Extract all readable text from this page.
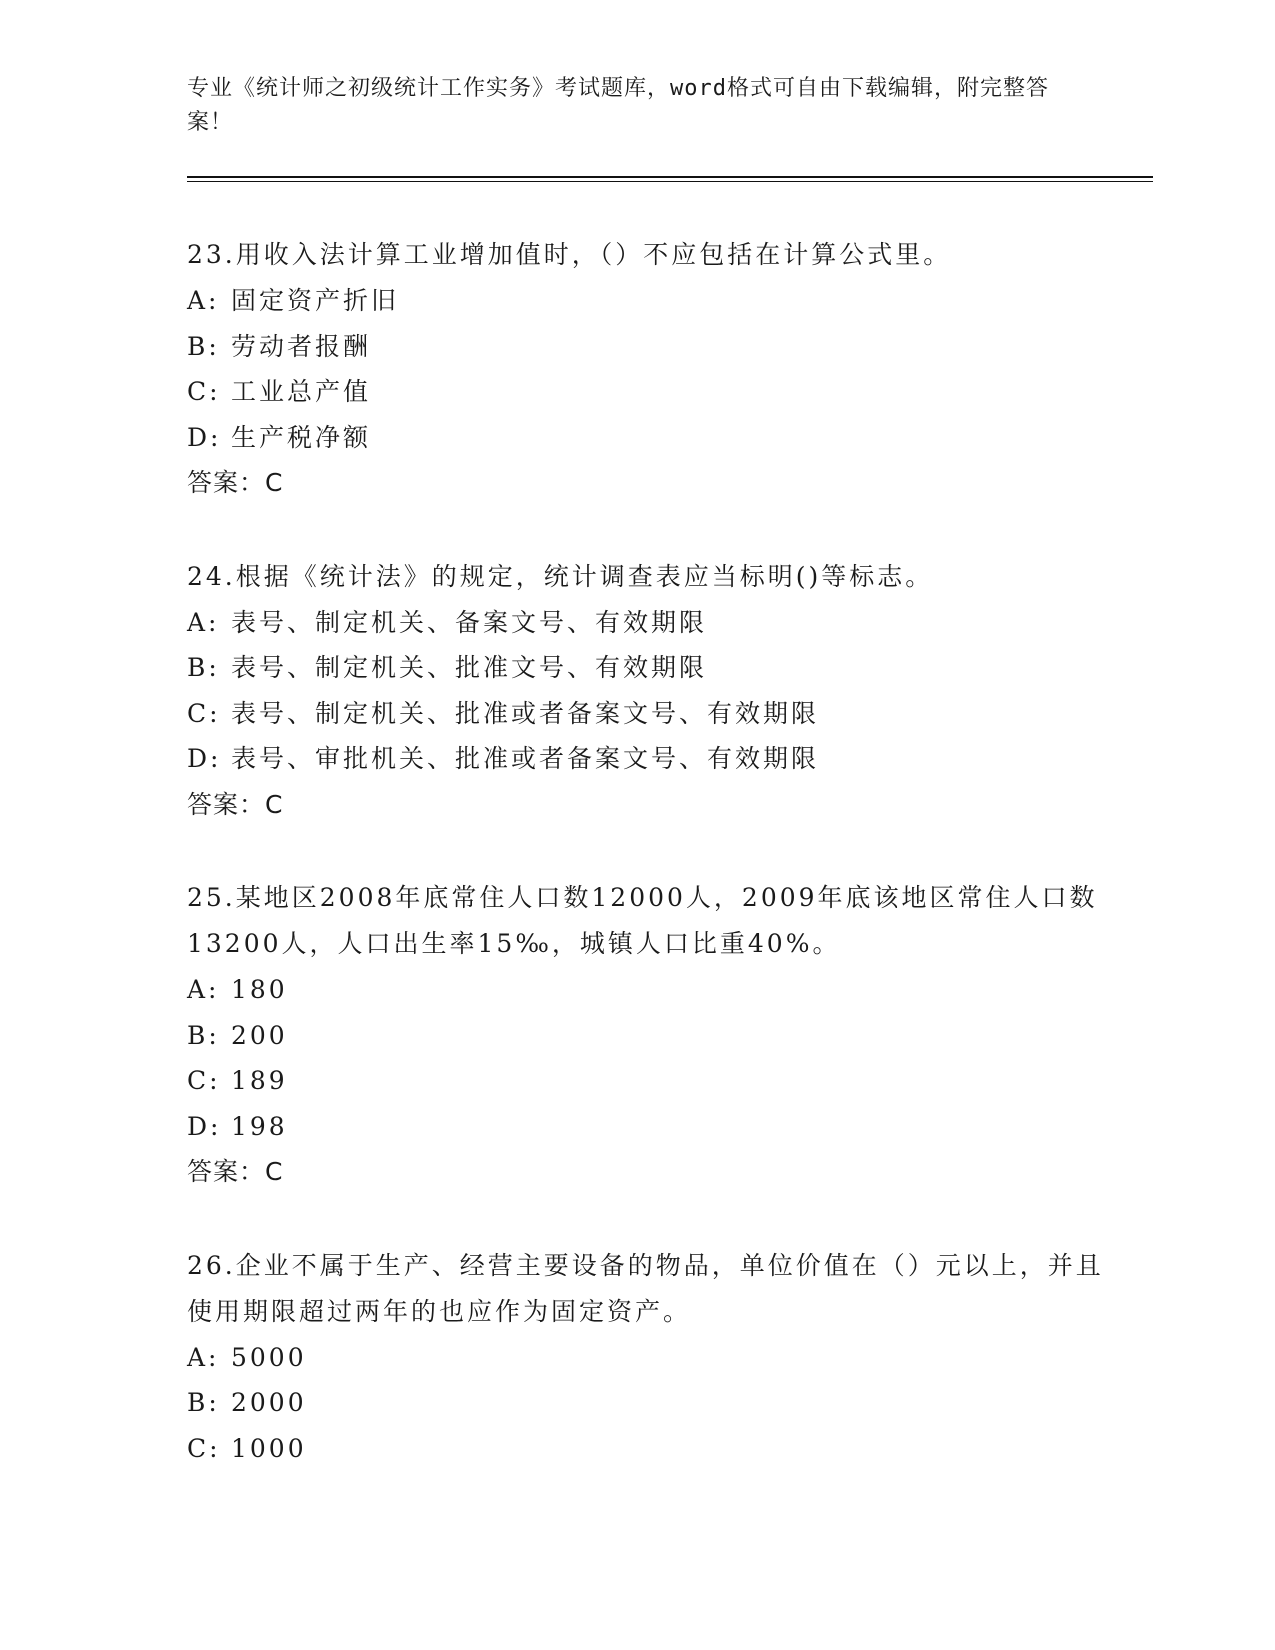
专业《统计师之初级统计工作实务》考试题库，word格式可自由下载编辑，附完整答案！

23.用收入法计算工业增加值时，（）不应包括在计算公式里。

A: 固定资产折旧

B: 劳动者报酬

C: 工业总产值

D: 生产税净额

答案：C

24.根据《统计法》的规定，统计调查表应当标明()等标志。

A: 表号、制定机关、备案文号、有效期限

B: 表号、制定机关、批准文号、有效期限

C: 表号、制定机关、批准或者备案文号、有效期限

D: 表号、审批机关、批准或者备案文号、有效期限

答案：C

25.某地区2008年底常住人口数12000人，2009年底该地区常住人口数13200人，人口出生率15‰，城镇人口比重40%。

A: 180

B: 200

C: 189

D: 198

答案：C

26.企业不属于生产、经营主要设备的物品，单位价值在（）元以上，并且使用期限超过两年的也应作为固定资产。

A: 5000

B: 2000

C: 1000
